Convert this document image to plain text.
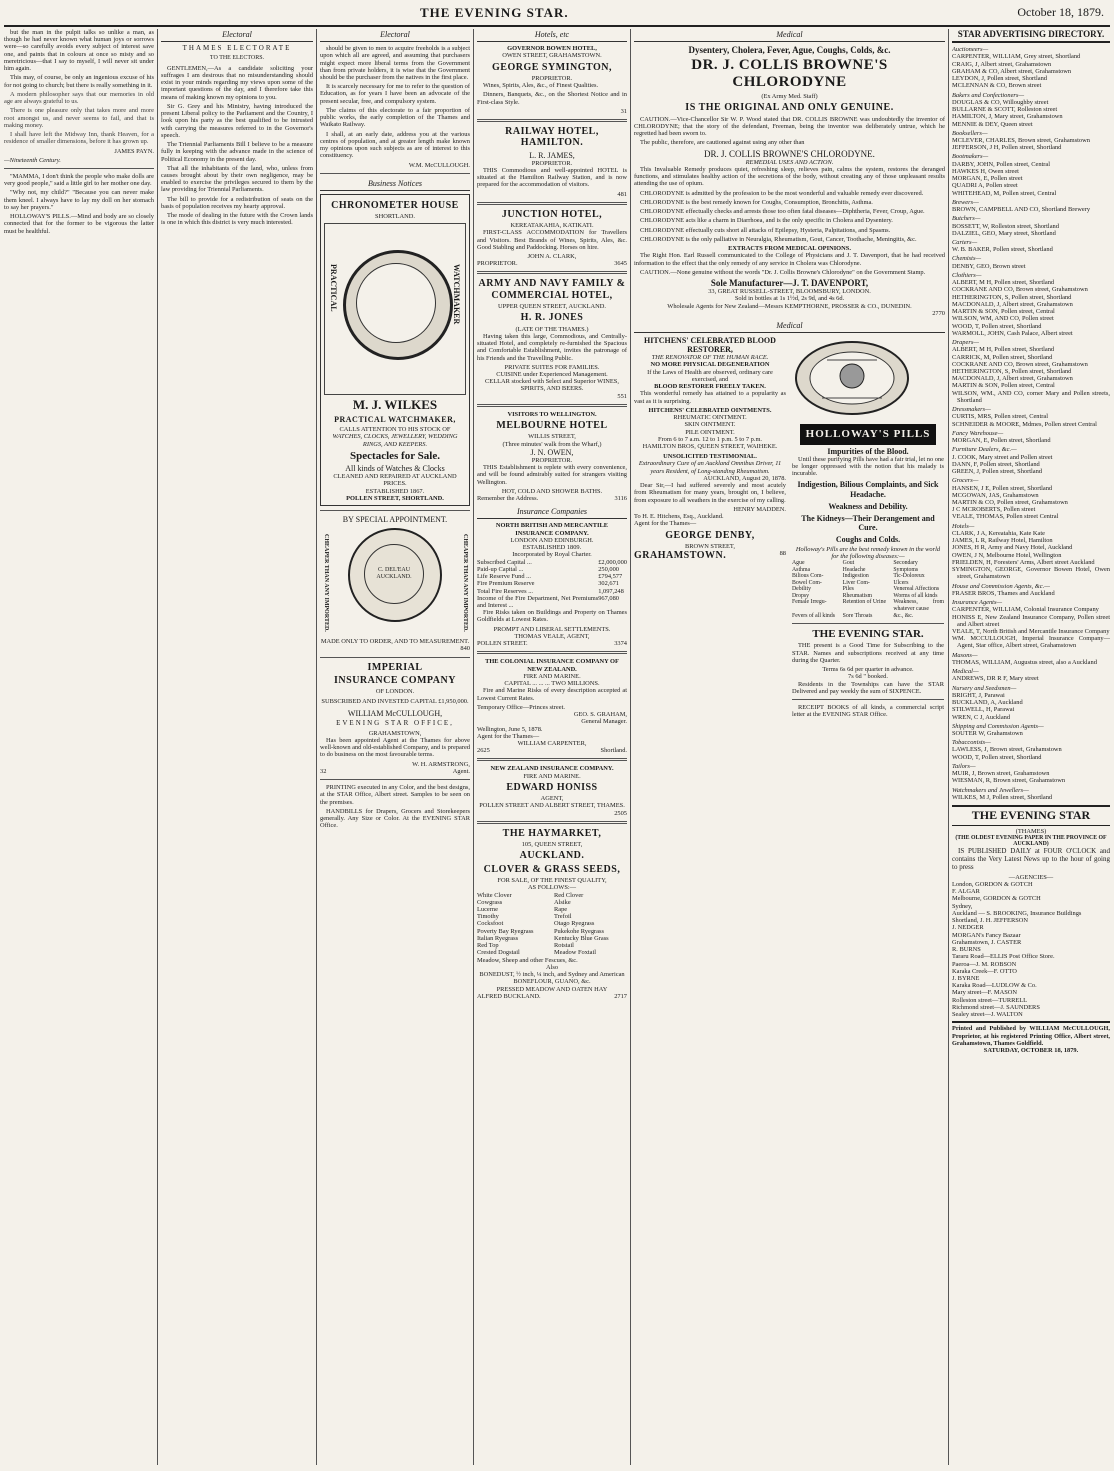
THE EVENING STAR.	October 18, 1879.

but the man in the pulpit talks so unlike a man, as though he had never known what human joys or sorrows were—so carefully avoids every subject of interest save one, and paints that in colours at once so misty and so meretricious—that I say to myself, I will never sit under him again.

This may, of course, be only an ingenious excuse of his for not going to church; but there is really something in it.

A modern philosopher says that our memories in old age are always grateful to us.

There is one pleasure only that takes more and more root amongst us, and never seems to fail, and that is making money.

I shall have left the Midway Inn, thank Heaven, for a residence of smaller dimensions, before it has grown up.

JAMES PAYN.
—Nineteenth Century.

"MAMMA, I don't think the people who make dolls are very good people," said a little girl to her mother one day.

"Why not, my child?" "Because you can never make them kneel. I always have to lay my doll on her stomach to say her prayers."

HOLLOWAY'S PILLS.—Mind and body are so closely connected that for the former to be vigorous the latter must be healthful.

Electoral
THAMES ELECTORATE
TO THE ELECTORS.

GENTLEMEN,—As a candidate soliciting your suffrages I am desirous that no misunderstanding should exist in your minds regarding my views upon some of the important questions of the day, and I therefore take this means of making known my opinions to you.

Sir G. Grey and his Ministry, having introduced the present Liberal policy to the Parliament and the Country, I look upon his party as the best qualified to be intrusted with carrying the measures referred to in the Governor's speech.

The Triennial Parliaments Bill I believe to be a measure fully in keeping with the advance made in the science of Political Economy in the present day.

That all the inhabitants of the land, who, unless from causes brought about by their own negligence, may be enabled to exercise the privileges secured to them by the law providing for Triennial Parliaments.

The bill to provide for a redistribution of seats on the basis of population receives my hearty approval.

The mode of dealing in the future with the Crown lands is one in which this district is very much interested.

Electoral

should be given to men to acquire freeholds is a subject upon which all are agreed, and assuming that purchasers might expect more liberal terms from the Government than from private holders, it is wise that the Government should be the purchaser from the natives in the first place.

It is scarcely necessary for me to refer to the question of Education, as for years I have been an advocate of the present secular, free, and compulsory system.

The claims of this electorate to a fair proportion of public works, the early completion of the Thames and Waikato Railway.

I shall, at an early date, address you at the various centres of population, and at greater length make known my opinions upon such subjects as are of interest to this constituency.

W.M. McCULLOUGH.
Business Notices
CHRONOMETER HOUSE
SHORTLAND.
PRACTICAL	WATCHMAKER
M. J. WILKES
PRACTICAL WATCHMAKER,
CALLS ATTENTION TO HIS STOCK OF
WATCHES, CLOCKS, JEWELLERY, WEDDING RINGS, AND KEEPERS.
Spectacles for Sale.
All kinds of Watches & Clocks
CLEANED AND REPAIRED AT AUCKLAND PRICES.
ESTABLISHED 1867.
POLLEN STREET, SHORTLAND.
BY SPECIAL APPOINTMENT.
CHEAPER THAN ANY IMPORTED.	CHEAPER THAN ANY IMPORTED.
C. DEL'EAU
AUCKLAND.
MADE ONLY TO ORDER, AND TO MEASUREMENT.
840
IMPERIAL
INSURANCE COMPANY
OF LONDON.
SUBSCRIBED AND INVESTED CAPITAL £1,950,000.
WILLIAM McCULLOUGH,
EVENING STAR OFFICE,
GRAHAMSTOWN,

Has been appointed Agent at the Thames for above well-known and old-established Company, and is prepared to do business on the most favourable terms.

W. H. ARMSTRONG,
32	Agent.

PRINTING executed in any Color, and the best designs, at the STAR Office, Albert street. Samples to be seen on the premises.

HANDBILLS for Drapers, Grocers and Storekeepers generally. Any Size or Color. At the EVENING STAR Office.

Hotels, etc
GOVERNOR BOWEN HOTEL,
OWEN STREET, GRAHAMSTOWN.
GEORGE SYMINGTON,
PROPRIETOR.

Wines, Spirits, Ales, &c., of Finest Qualities.

Dinners, Banquets, &c., on the Shortest Notice and in First-class Style.

31
RAILWAY HOTEL, HAMILTON.
L. R. JAMES,
PROPRIETOR.

THIS Commodious and well-appointed HOTEL is situated at the Hamilton Railway Station, and is now prepared for the accommodation of visitors.

481
JUNCTION HOTEL,
KEREATAKAHIA, KATIKATI.

FIRST-CLASS ACCOMMODATION for Travellers and Visitors. Best Brands of Wines, Spirits, Ales, &c. Good Stabling and Paddocking. Horses on hire.

JOHN A. CLARK,
PROPRIETOR.	3645
ARMY AND NAVY FAMILY & COMMERCIAL HOTEL,
UPPER QUEEN STREET, AUCKLAND.
H. R. JONES
(LATE OF THE THAMES.)

Having taken this large, Commodious, and Centrally-situated Hotel, and completely re-furnished the Spacious and Comfortable Establishment, invites the patronage of his Friends and the Travelling Public.

PRIVATE SUITES FOR FAMILIES.
CUISINE under Experienced Management.
CELLAR stocked with Select and Superior WINES, SPIRITS, AND BEERS.
551
VISITORS TO WELLINGTON.
MELBOURNE HOTEL
WILLIS STREET,
(Three minutes' walk from the Wharf,)
J. N. OWEN,
PROPRIETOR.

THIS Establishment is replete with every convenience, and will be found admirably suited for strangers visiting Wellington.

HOT, COLD AND SHOWER BATHS.
Remember the Address.	3116
Insurance Companies
NORTH BRITISH AND MERCANTILE INSURANCE COMPANY.
LONDON AND EDINBURGH.
ESTABLISHED 1809.
Incorporated by Royal Charter.
Subscribed Capital ...	£2,000,000
Paid-up Capital ...	250,000
Life Reserve Fund ...	£794,577
Fire Premium Reserve	302,671
Total Fire Reserves ...	1,097,248
Income of the Fire Department, Net Premiums and Interest ...
967,080

Fire Risks taken on Buildings and Property on Thames Goldfields at Lowest Rates.

PROMPT AND LIBERAL SETTLEMENTS.
THOMAS VEALE, AGENT,
POLLEN STREET.	3374
THE COLONIAL INSURANCE COMPANY OF NEW ZEALAND.
FIRE AND MARINE.
CAPITAL ... ... ... TWO MILLIONS.

Fire and Marine Risks of every description accepted at Lowest Current Rates.

Temporary Office—Princes street.
GEO. S. GRAHAM,
General Manager.
Wellington, June 5, 1878.
Agent for the Thames—
WILLIAM CARPENTER,
2625	Shortland.
NEW ZEALAND INSURANCE COMPANY.
FIRE AND MARINE.
EDWARD HONISS
AGENT,
POLLEN STREET AND ALBERT STREET, THAMES.
2505
THE HAYMARKET,
105, QUEEN STREET,
AUCKLAND.
CLOVER & GRASS SEEDS,
FOR SALE, OF THE FINEST QUALITY,
AS FOLLOWS:—
White Clover	Red Clover
Cowgrass	Alsike
Lucerne	Rape
Timothy	Trefoil
Cocksfoot	Otago Ryegrass
Poverty Bay Ryegrass	Pukekohe Ryegrass
Italian Ryegrass	Kentucky Blue Grass
Red Top	Rotstail
Crested Dogstail	Meadow Foxtail
Meadow, Sheep and other Fescues, &c.
Also
BONEDUST, ½ inch, ¼ inch, and Sydney and American BONEFLOUR, GUANO, &c.
PRESSED MEADOW AND OATEN HAY
ALFRED BUCKLAND.	2717
Medical
Dysentery, Cholera, Fever, Ague, Coughs, Colds, &c.
DR. J. COLLIS BROWNE'S CHLORODYNE
(Ex Army Med. Staff)
IS THE ORIGINAL AND ONLY GENUINE.

CAUTION.—Vice-Chancellor Sir W. P. Wood stated that DR. COLLIS BROWNE was undoubtedly the inventor of CHLORODYNE; that the story of the defendant, Freeman, being the inventor was deliberately untrue, which he regretted had been sworn to.

The public, therefore, are cautioned against using any other than

DR. J. COLLIS BROWNE'S CHLORODYNE.
REMEDIAL USES AND ACTION.

This Invaluable Remedy produces quiet, refreshing sleep, relieves pain, calms the system, restores the deranged functions, and stimulates healthy action of the secretions of the body, without creating any of those unpleasant results attending the use of opium.

CHLORODYNE is admitted by the profession to be the most wonderful and valuable remedy ever discovered.

CHLORODYNE is the best remedy known for Coughs, Consumption, Bronchitis, Asthma.

CHLORODYNE effectually checks and arrests those too often fatal diseases—Diphtheria, Fever, Croup, Ague.

CHLORODYNE acts like a charm in Diarrhoea, and is the only specific in Cholera and Dysentery.

CHLORODYNE effectually cuts short all attacks of Epilepsy, Hysteria, Palpitations, and Spasms.

CHLORODYNE is the only palliative in Neuralgia, Rheumatism, Gout, Cancer, Toothache, Meningitis, &c.

EXTRACTS FROM MEDICAL OPINIONS.

The Right Hon. Earl Russell communicated to the College of Physicians and J. T. Davenport, that he had received information to the effect that the only remedy of any service in Cholera was Chlorodyne.

CAUTION.—None genuine without the words "Dr. J. Collis Browne's Chlorodyne" on the Government Stamp.

Sole Manufacturer—J. T. DAVENPORT,
33, GREAT RUSSELL-STREET, BLOOMSBURY, LONDON.
Sold in bottles at 1s 1½d, 2s 9d, and 4s 6d.
Wholesale Agents for New Zealand—Messrs KEMPTHORNE, PROSSER & CO., DUNEDIN.
2770
Medical
HITCHENS' CELEBRATED BLOOD RESTORER,
THE RENOVATOR OF THE HUMAN RACE.
NO MORE PHYSICAL DEGENERATION
If the Laws of Health are observed, ordinary care exercised, and
BLOOD RESTORER FREELY TAKEN.

This wonderful remedy has attained to a popularity as vast as it is surprising.

HITCHENS' CELEBRATED OINTMENTS.
RHEUMATIC OINTMENT.
SKIN OINTMENT.
PILE OINTMENT.
From 6 to 7 a.m. 12 to 1 p.m. 5 to 7 p.m.
HAMILTON BROS, QUEEN STREET, WAIHEKE.
UNSOLICITED TESTIMONIAL.
Extraordinary Cure of an Auckland Omnibus Driver, 11 years Resident, of Long-standing Rheumatism.
AUCKLAND, August 20, 1878.

Dear Sir,—I had suffered severely and most acutely from Rheumatism for many years, brought on, I believe, from exposure to all weathers in the exercise of my calling.

HENRY MADDEN.
To H. E. Hitchens, Esq., Auckland.
Agent for the Thames—
GEORGE DENBY,
BROWN STREET,
GRAHAMSTOWN.	88
HOLLOWAY'S PILLS
Impurities of the Blood.

Until these purifying Pills have had a fair trial, let no one be longer oppressed with the notion that his malady is incurable.

Indigestion, Bilious Complaints, and Sick Headache.
Weakness and Debility.
The Kidneys—Their Derangement and Cure.
Coughs and Colds.
Holloway's Pills are the best remedy known in the world for the following diseases:—
Ague	Gout	Secondary
Asthma	Headache	Symptoms
Bilious Com-	Indigestion	Tic-Doloreux
Bowel Com-	Liver Com-	Ulcers
Debility	Piles	Venereal Affections
Dropsy	Rheumatism	Worms of all kinds
Female Irregu-	Retention of Urine	Weakness, from whatever cause
Fevers of all kinds	Sore Throats	&c., &c.
THE EVENING STAR.

THE present is a Good Time for Subscribing to the STAR. Names and subscriptions received at any time during the Quarter.

Terms 6s 6d per quarter in advance.
7s 6d " booked.

Residents in the Townships can have the STAR Delivered and pay weekly the sum of SIXPENCE.

RECEIPT BOOKS of all kinds, a commercial script letter at the EVENING STAR Office.

STAR ADVERTISING DIRECTORY.
Auctioneers—
CARPENTER, WILLIAM, Grey street, Shortland
CRAIG, J, Albert street, Grahamstown
GRAHAM & CO, Albert street, Grahamstown
LEYDON, J, Pollen street, Shortland
MCLENNAN & CO, Brown street
Bakers and Confectioners—
DOUGLAS & CO, Willoughby street
BULLARNE & SCOTT, Rolleston street
HAMILTON, J, Mary street, Grahamstown
MENNIE & DEY, Queen street
Booksellers—
MCLEVER, CHARLES, Brown street, Grahamstown
JEFFERSON, J H, Pollen street, Shortland
Bootmakers—
DARBY, JOHN, Pollen street, Central
HAWKES H, Owen street
MORGAN, E, Pollen street
QUADRI A, Pollen street
WHITEHEAD, M, Pollen street, Central
Brewers—
BROWN, CAMPBELL AND CO, Shortland Brewery
Butchers—
BOSSETT, W, Rolleston street, Shortland
DALZIEL, GEO, Mary street, Shortland
Carters—
W. B. BAKER, Pollen street, Shortland
Chemists—
DENBY, GEO, Brown street
Clothiers—
ALBERT, M H, Pollen street, Shortland
COCKRANE AND CO, Brown street, Grahamstown
HETHERINGTON, S, Pollen street, Shortland
MACDONALD, J, Albert street, Grahamstown
MARTIN & SON, Pollen street, Central
WILSON, WM, AND CO, Pollen street
WOOD, T, Pollen street, Shortland
WARMOLL, JOHN, Cash Palace, Albert street
Drapers—
ALBERT, M H, Pollen street, Shortland
CARRICK, M, Pollen street, Shortland
COCKRANE AND CO, Brown street, Grahamstown
HETHERINGTON, S, Pollen street, Shortland
MACDONALD, J, Albert street, Grahamstown
MARTIN & SON, Pollen street, Central
WILSON, WM., AND CO, corner Mary and Pollen streets, Shortland
Dressmakers—
CURTIS, MRS, Pollen street, Central
SCHNEIDER & MOORE, Mdmes, Pollen street Central
Fancy Warehouse—
MORGAN, E, Pollen street, Shortland
Furniture Dealers, &c.—
J. COOK, Mary street and Pollen street
DANN, F, Pollen street, Shortland
GREEN, J, Pollen street, Shortland
Grocers—
HANSEN, J E, Pollen street, Shortland
MCGOWAN, JAS, Grahamstown
MARTIN & CO, Pollen street, Grahamstown
J C MCROBERTS, Pollen street
VEALE, THOMAS, Pollen street Central
Hotels—
CLARK, J A, Kereatahia, Kate Kate
JAMES, L R, Railway Hotel, Hamilton
JONES, H R, Army and Navy Hotel, Auckland
OWEN, J N, Melbourne Hotel, Wellington
FRIELDEN, H, Foresters' Arms, Albert street Auckland
SYMINGTON, GEORGE, Governor Bowen Hotel, Owen street, Grahamstown
House and Commission Agents, &c.—
FRASER BROS, Thames and Auckland
Insurance Agents—
CARPENTER, WILLIAM, Colonial Insurance Company
HONISS E, New Zealand Insurance Company, Pollen street and Albert street
VEALE, T, North British and Mercantile Insurance Company
WM. MCCULLOUGH, Imperial Insurance Company—Agent, Star office, Albert street, Grahamstown
Masons—
THOMAS, WILLIAM, Augustus street, also a Auckland
Medical—
ANDREWS, DR R F, Mary street
Nursery and Seedsmen—
BRIGHT, J, Parawai
BUCKLAND, A, Auckland
STILWELL, H, Parawai
WREN, C J, Auckland
Shipping and Commission Agents—
SOUTER W, Grahamstown
Tobacconists—
LAWLESS, J, Brown street, Grahamstown
WOOD, T, Pollen street, Shortland
Tailors—
MUIR, J, Brown street, Grahamstown
WIESMAN, R, Brown street, Grahamstown
Watchmakers and Jewellers—
WILKES, M J, Pollen street, Shortland
THE EVENING STAR
(THAMES)
(THE OLDEST EVENING PAPER IN THE PROVINCE OF AUCKLAND)

IS PUBLISHED DAILY at FOUR O'CLOCK and contains the Very Latest News up to the hour of going to press

—AGENCIES—
London, GORDON & GOTCH
F. ALGAR
Melbourne, GORDON & GOTCH
Sydney,
Auckland — S. BROOKING, Insurance Buildings
Shortland, J. H. JEFFERSON
J. NEDGER
MORGAN's Fancy Bazaar
Grahamstown, J. CASTER
R. BURNS
Tararu Road—ELLIS Post Office Store.
Paeroa—J. M. ROBSON
Karaka Creek—F. OTTO
J. BYRNE
Karaka Road—LUDLOW & Co.
Mary street—F. MASON
Rolleston street—TURRELL
Richmond street—J. SAUNDERS
Sealey street—J. WALTON
Printed and Published by WILLIAM McCULLOUGH, Proprietor, at his registered Printing Office, Albert street, Grahamstown, Thames Goldfield.
SATURDAY, OCTOBER 18, 1879.
